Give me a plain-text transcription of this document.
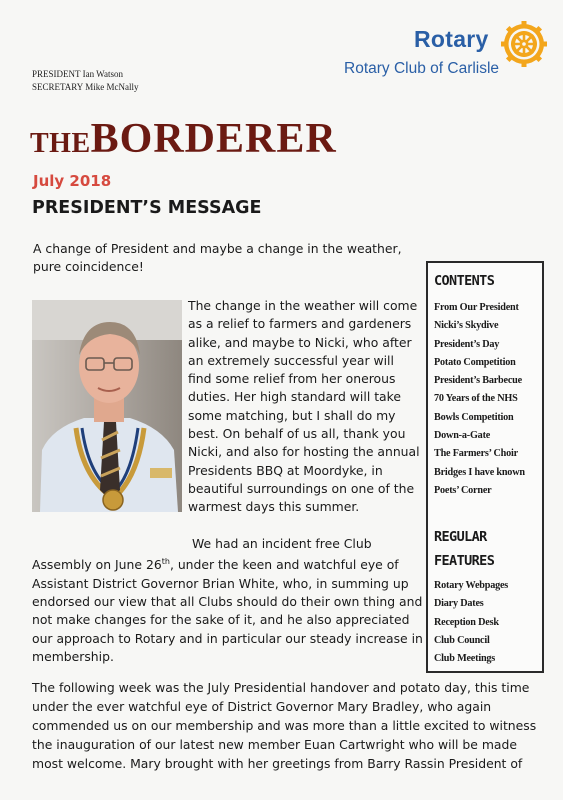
Rotary
Rotary Club of Carlisle
PRESIDENT Ian Watson
SECRETARY Mike McNally
THEBORDERER
July 2018
PRESIDENT’S MESSAGE
A change of President and maybe a change in the weather, pure coincidence!
The change in the weather will come as a relief to farmers and gardeners alike, and maybe to Nicki, who after an extremely successful year will find some relief from her onerous duties. Her high standard will take some matching, but I shall do my best. On behalf of us all, thank you Nicki, and also for hosting the annual Presidents BBQ at Moordyke, in beautiful surroundings on one of the warmest days this summer.
We had an incident free Club Assembly on June 26th, under the keen and watchful eye of Assistant District Governor Brian White, who, in summing up endorsed our view that all Clubs should do their own thing and not make changes for the sake of it, and he also appreciated our approach to Rotary and in particular our steady increase in membership.
The following week was the July Presidential handover and potato day, this time under the ever watchful eye of District Governor Mary Bradley, who again commended us on our membership and was more than a little excited to witness the inauguration of our latest new member Euan Cartwright who will be made most welcome. Mary brought with her greetings from Barry Rassin President of
CONTENTS
From Our President
Nicki’s Skydive
President’s Day
Potato Competition
President’s Barbecue
70 Years of the NHS
Bowls Competition
Down-a-Gate
The Farmers’ Choir
Bridges I have known
Poets’ Corner
REGULAR
FEATURES
Rotary Webpages
Diary Dates
Reception Desk
Club Council
Club Meetings
